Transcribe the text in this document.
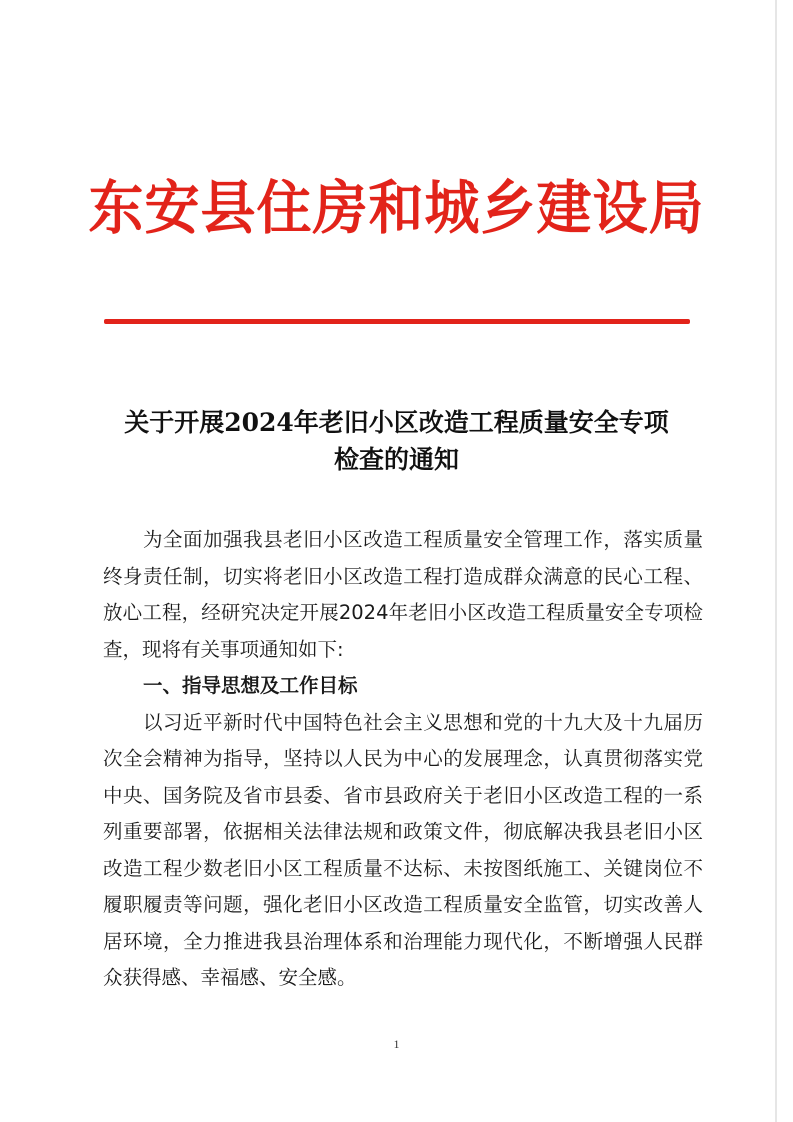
东安县住房和城乡建设局
关于开展2024年老旧小区改造工程质量安全专项
检查的通知

为全面加强我县老旧小区改造工程质量安全管理工作，落实质量终身责任制，切实将老旧小区改造工程打造成群众满意的民心工程、放心工程，经研究决定开展2024年老旧小区改造工程质量安全专项检查，现将有关事项通知如下:

一、指导思想及工作目标

以习近平新时代中国特色社会主义思想和党的十九大及十九届历次全会精神为指导，坚持以人民为中心的发展理念，认真贯彻落实党中央、国务院及省市县委、省市县政府关于老旧小区改造工程的一系列重要部署，依据相关法律法规和政策文件，彻底解决我县老旧小区改造工程少数老旧小区工程质量不达标、未按图纸施工、关键岗位不履职履责等问题，强化老旧小区改造工程质量安全监管，切实改善人居环境，全力推进我县治理体系和治理能力现代化，不断增强人民群众获得感、幸福感、安全感。

1
